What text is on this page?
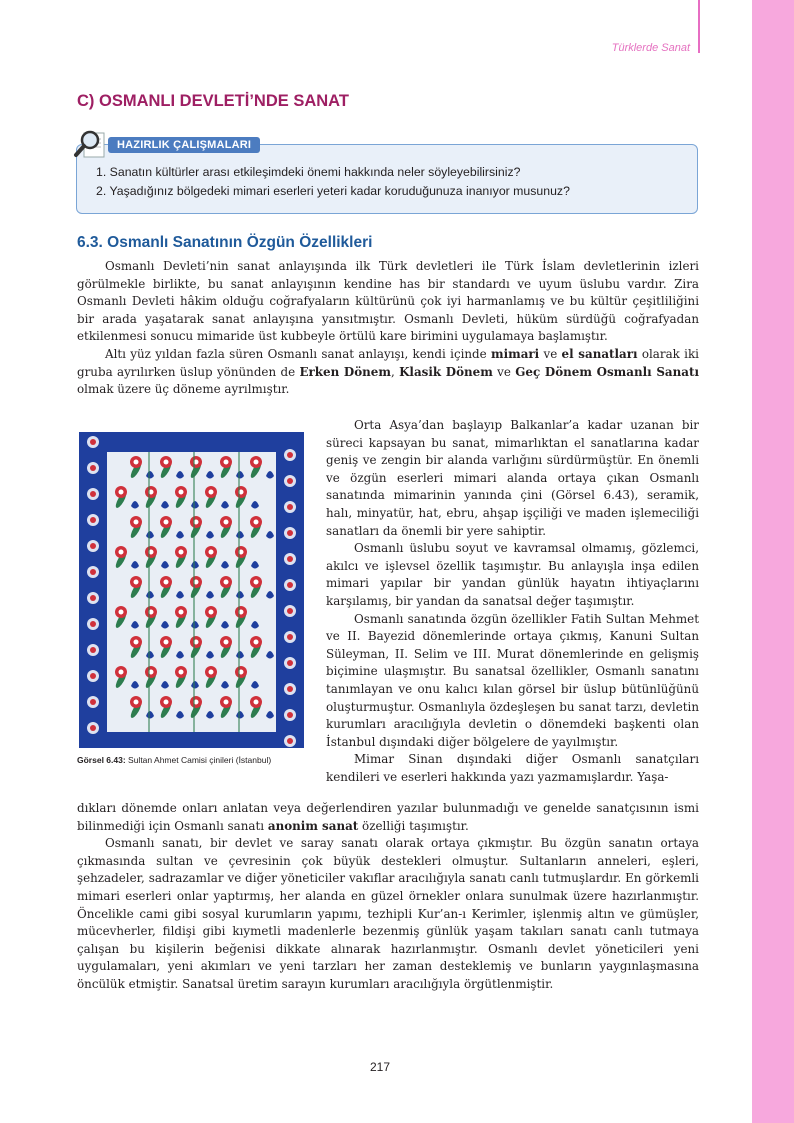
Türklerde Sanat
C) OSMANLI DEVLETİ’NDE SANAT
HAZIRLIK ÇALIŞMALARI
1. Sanatın kültürler arası etkileşimdeki önemi hakkında neler söyleyebilirsiniz?
2. Yaşadığınız bölgedeki mimari eserleri yeteri kadar koruduğunuza inanıyor musunuz?
6.3. Osmanlı Sanatının Özgün Özellikleri

Osmanlı Devleti’nin sanat anlayışında ilk Türk devletleri ile Türk İslam devletlerinin izleri görülmekle birlikte, bu sanat anlayışının kendine has bir standardı ve uyum üslubu vardır. Zira Osmanlı Devleti hâkim olduğu coğrafyaların kültürünü çok iyi harmanlamış ve bu kültür çeşitliliğini bir arada yaşatarak sanat anlayışına yansıtmıştır. Osmanlı Devleti, hüküm sürdüğü coğrafyadan etkilenmesi sonucu mimaride üst kubbeyle örtülü kare birimini uygulamaya başlamıştır.

Altı yüz yıldan fazla süren Osmanlı sanat anlayışı, kendi içinde mimari ve el sanatları olarak iki gruba ayrılırken üslup yönünden de Erken Dönem, Klasik Dönem ve Geç Dönem Osmanlı Sanatı olmak üzere üç döneme ayrılmıştır.

Görsel 6.43: Sultan Ahmet Camisi çinileri (İstanbul)

Orta Asya’dan başlayıp Balkanlar’a kadar uzanan bir süreci kapsayan bu sanat, mimarlıktan el sanatlarına kadar geniş ve zengin bir alanda varlığını sürdürmüştür. En önemli ve özgün eserleri mimari alanda ortaya çıkan Osmanlı sanatında mimarinin yanında çini (Görsel 6.43), seramik, halı, minyatür, hat, ebru, ahşap işçiliği ve maden işlemeciliği sanatları da önemli bir yere sahiptir.

Osmanlı üslubu soyut ve kavramsal olmamış, gözlemci, akılcı ve işlevsel özellik taşımıştır. Bu anlayışla inşa edilen mimari yapılar bir yandan günlük hayatın ihtiyaçlarını karşılamış, bir yandan da sanatsal değer taşımıştır.

Osmanlı sanatında özgün özellikler Fatih Sultan Mehmet ve II. Bayezid dönemlerinde ortaya çıkmış, Kanuni Sultan Süleyman, II. Selim ve III. Murat dönemlerinde en gelişmiş biçimine ulaşmıştır. Bu sanatsal özellikler, Osmanlı sanatını tanımlayan ve onu kalıcı kılan görsel bir üslup bütünlüğünü oluşturmuştur. Osmanlıyla özdeşleşen bu sanat tarzı, devletin kurumları aracılığıyla devletin o dönemdeki başkenti olan İstanbul dışındaki diğer bölgelere de yayılmıştır.

Mimar Sinan dışındaki diğer Osmanlı sanatçıları kendileri ve eserleri hakkında yazı yazmamışlardır. Yaşa-

dıkları dönemde onları anlatan veya değerlendiren yazılar bulunmadığı ve genelde sanatçısının ismi bilinmediği için Osmanlı sanatı anonim sanat özelliği taşımıştır.

Osmanlı sanatı, bir devlet ve saray sanatı olarak ortaya çıkmıştır. Bu özgün sanatın ortaya çıkmasında sultan ve çevresinin çok büyük destekleri olmuştur. Sultanların anneleri, eşleri, şehzadeler, sadrazamlar ve diğer yöneticiler vakıflar aracılığıyla sanatı canlı tutmuşlardır. En görkemli mimari eserleri onlar yaptırmış, her alanda en güzel örnekler onlara sunulmak üzere hazırlanmıştır. Öncelikle cami gibi sosyal kurumların yapımı, tezhipli Kur’an-ı Kerimler, işlenmiş altın ve gümüşler, mücevherler, fildişi gibi kıymetli madenlerle bezenmiş günlük yaşam takıları sanatı canlı tutmaya çalışan bu kişilerin beğenisi dikkate alınarak hazırlanmıştır. Osmanlı devlet yöneticileri yeni uygulamaları, yeni akımları ve yeni tarzları her zaman desteklemiş ve bunların yaygınlaşmasına öncülük etmiştir. Sanatsal üretim sarayın kurumları aracılığıyla örgütlenmiştir.

217
